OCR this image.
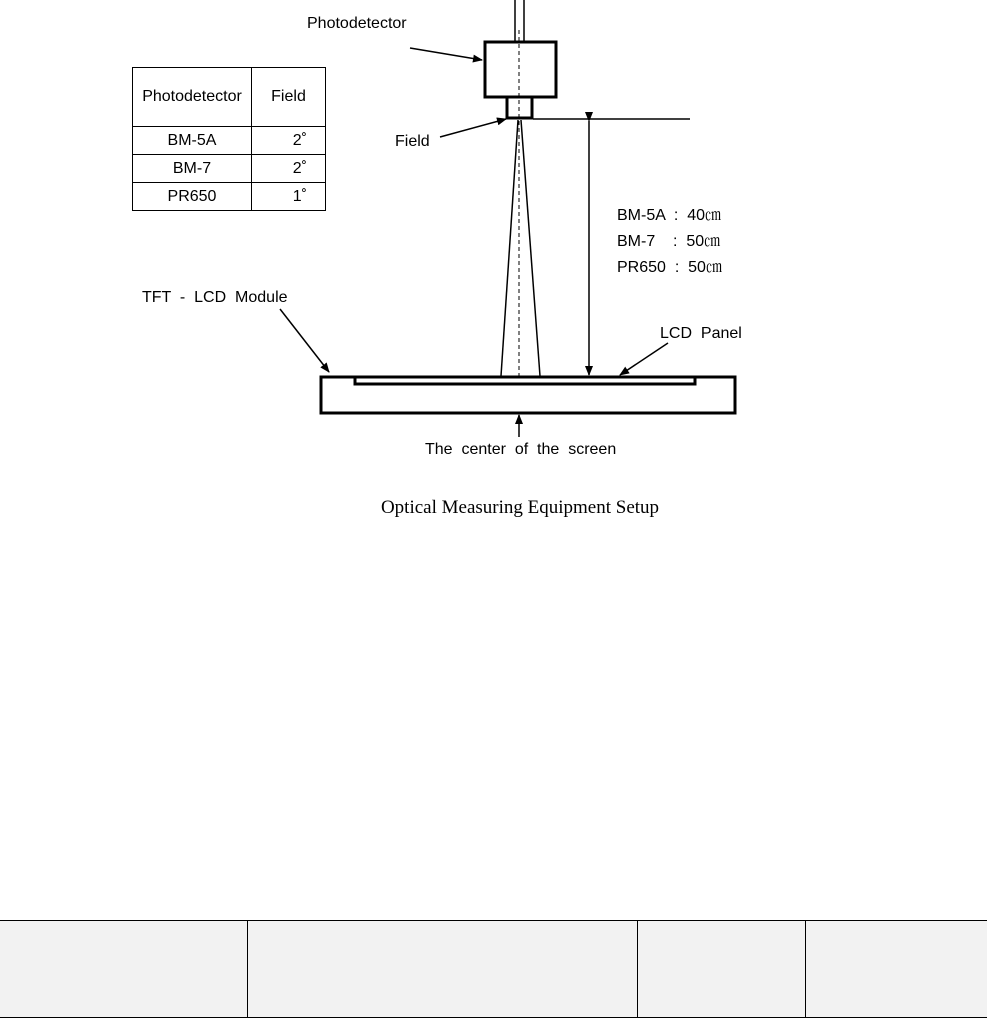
Photodetector
Field
BM-5A  :  40㎝
BM-7    :  50㎝
PR650  :  50㎝
TFT  -  LCD  Module
LCD  Panel
The  center  of  the  screen
Photodetector	Field
BM-5A	2˚
BM-7	2˚
PR650	1˚
Optical Measuring Equipment Setup
